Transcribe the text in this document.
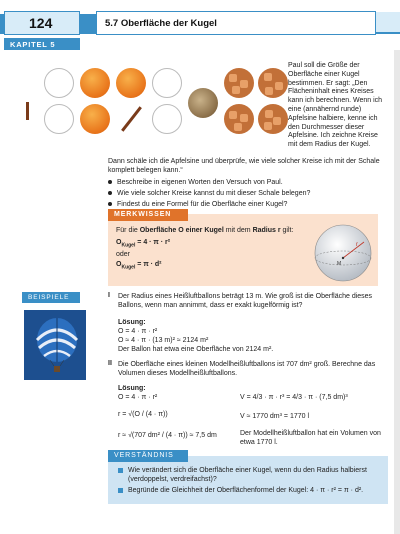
124	5.7 Oberfläche der Kugel
KAPITEL 5
Paul soll die Größe der Oberfläche einer Kugel bestimmen. Er sagt: „Den Flächeninhalt eines Kreises kann ich berechnen. Wenn ich eine (annähernd runde) Apfelsine halbiere, kenne ich den Durchmesser dieser Apfelsine. Ich zeichne Kreise mit dem Radius der Kugel.
Dann schäle ich die Apfelsine und überprüfe, wie viele solcher Kreise ich mit der Schale komplett belegen kann.“
Beschreibe in eigenen Worten den Versuch von Paul.
Wie viele solcher Kreise kannst du mit dieser Schale belegen?
Findest du eine Formel für die Oberfläche einer Kugel?
MERKWISSEN
Für die Oberfläche O einer Kugel mit dem Radius r gilt:
$O_{Kugel} = 4 \cdot \pi \cdot r^2$
oder
$O_{Kugel} = \pi \cdot d^2$
r
M
BEISPIELE	I Der Radius eines Heißluftballons beträgt 13 m. Wie groß ist die Oberfläche dieses Ballons, wenn man annimmt, dass er exakt kugelförmig ist?
Lösung:
O = 4 · π · r²
O ≈ 4 · π · (13 m)² ≈ 2124 m²
Der Ballon hat etwa eine Oberfläche von 2124 m².
II Die Oberfläche eines kleinen Modellheißluftballons ist 707 dm² groß. Berechne das Volumen dieses Modellheißluftballons.
Lösung:
O = 4 · π · r²
r = √(O / (4 · π))
r ≈ √(707 dm² / (4 · π)) ≈ 7,5 dm
V = 4/3 · π · r³ = 4/3 · π · (7,5 dm)³
V ≈ 1770 dm³ = 1770 l
Der Modellheißluftballon hat ein Volumen von etwa 1770 l.
VERSTÄNDNIS
Wie verändert sich die Oberfläche einer Kugel, wenn du den Radius halbierst (verdoppelst, verdreifachst)?
Begründe die Gleichheit der Oberflächenformel der Kugel: 4 · π · r² = π · d².
